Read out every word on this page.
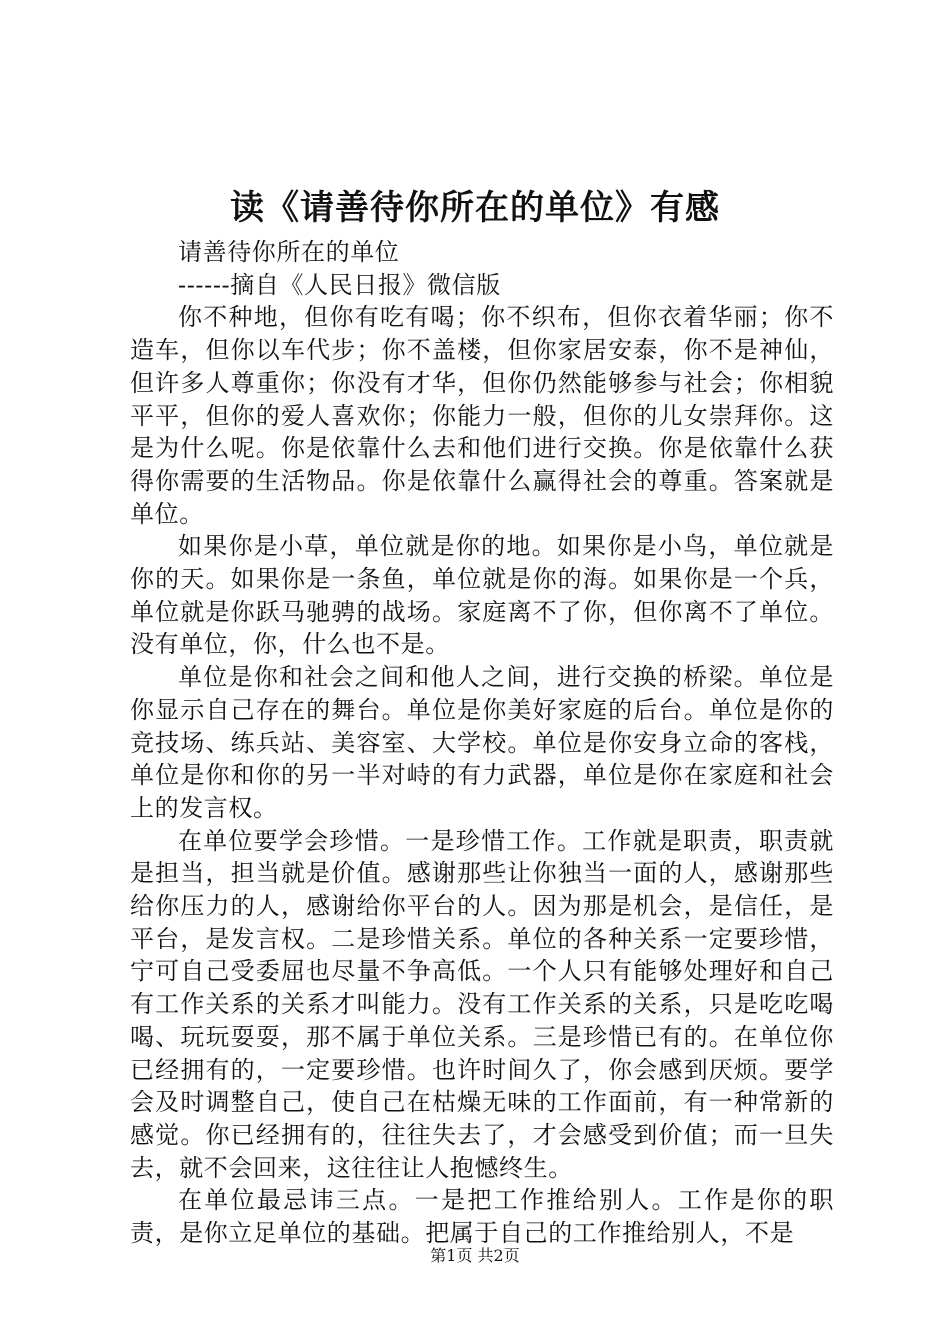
读《请善待你所在的单位》有感

请善待你所在的单位

------摘自《人民日报》微信版

你不种地，但你有吃有喝；你不织布，但你衣着华丽；你不造车，但你以车代步；你不盖楼，但你家居安泰，你不是神仙，但许多人尊重你；你没有才华，但你仍然能够参与社会；你相貌平平，但你的爱人喜欢你；你能力一般，但你的儿女崇拜你。这是为什么呢。你是依靠什么去和他们进行交换。你是依靠什么获得你需要的生活物品。你是依靠什么赢得社会的尊重。答案就是单位。

如果你是小草，单位就是你的地。如果你是小鸟，单位就是你的天。如果你是一条鱼，单位就是你的海。如果你是一个兵，单位就是你跃马驰骋的战场。家庭离不了你，但你离不了单位。没有单位，你，什么也不是。

单位是你和社会之间和他人之间，进行交换的桥梁。单位是你显示自己存在的舞台。单位是你美好家庭的后台。单位是你的竞技场、练兵站、美容室、大学校。单位是你安身立命的客栈，单位是你和你的另一半对峙的有力武器，单位是你在家庭和社会上的发言权。

在单位要学会珍惜。一是珍惜工作。工作就是职责，职责就是担当，担当就是价值。感谢那些让你独当一面的人，感谢那些给你压力的人，感谢给你平台的人。因为那是机会，是信任，是平台，是发言权。二是珍惜关系。单位的各种关系一定要珍惜，宁可自己受委屈也尽量不争高低。一个人只有能够处理好和自己有工作关系的关系才叫能力。没有工作关系的关系，只是吃吃喝喝、玩玩耍耍，那不属于单位关系。三是珍惜已有的。在单位你已经拥有的，一定要珍惜。也许时间久了，你会感到厌烦。要学会及时调整自己，使自己在枯燥无味的工作面前，有一种常新的感觉。你已经拥有的，往往失去了，才会感受到价值；而一旦失去，就不会回来，这往往让人抱憾终生。

在单位最忌讳三点。一是把工作推给别人。工作是你的职责，是你立足单位的基础。把属于自己的工作推给别人，不是

第1页 共2页
